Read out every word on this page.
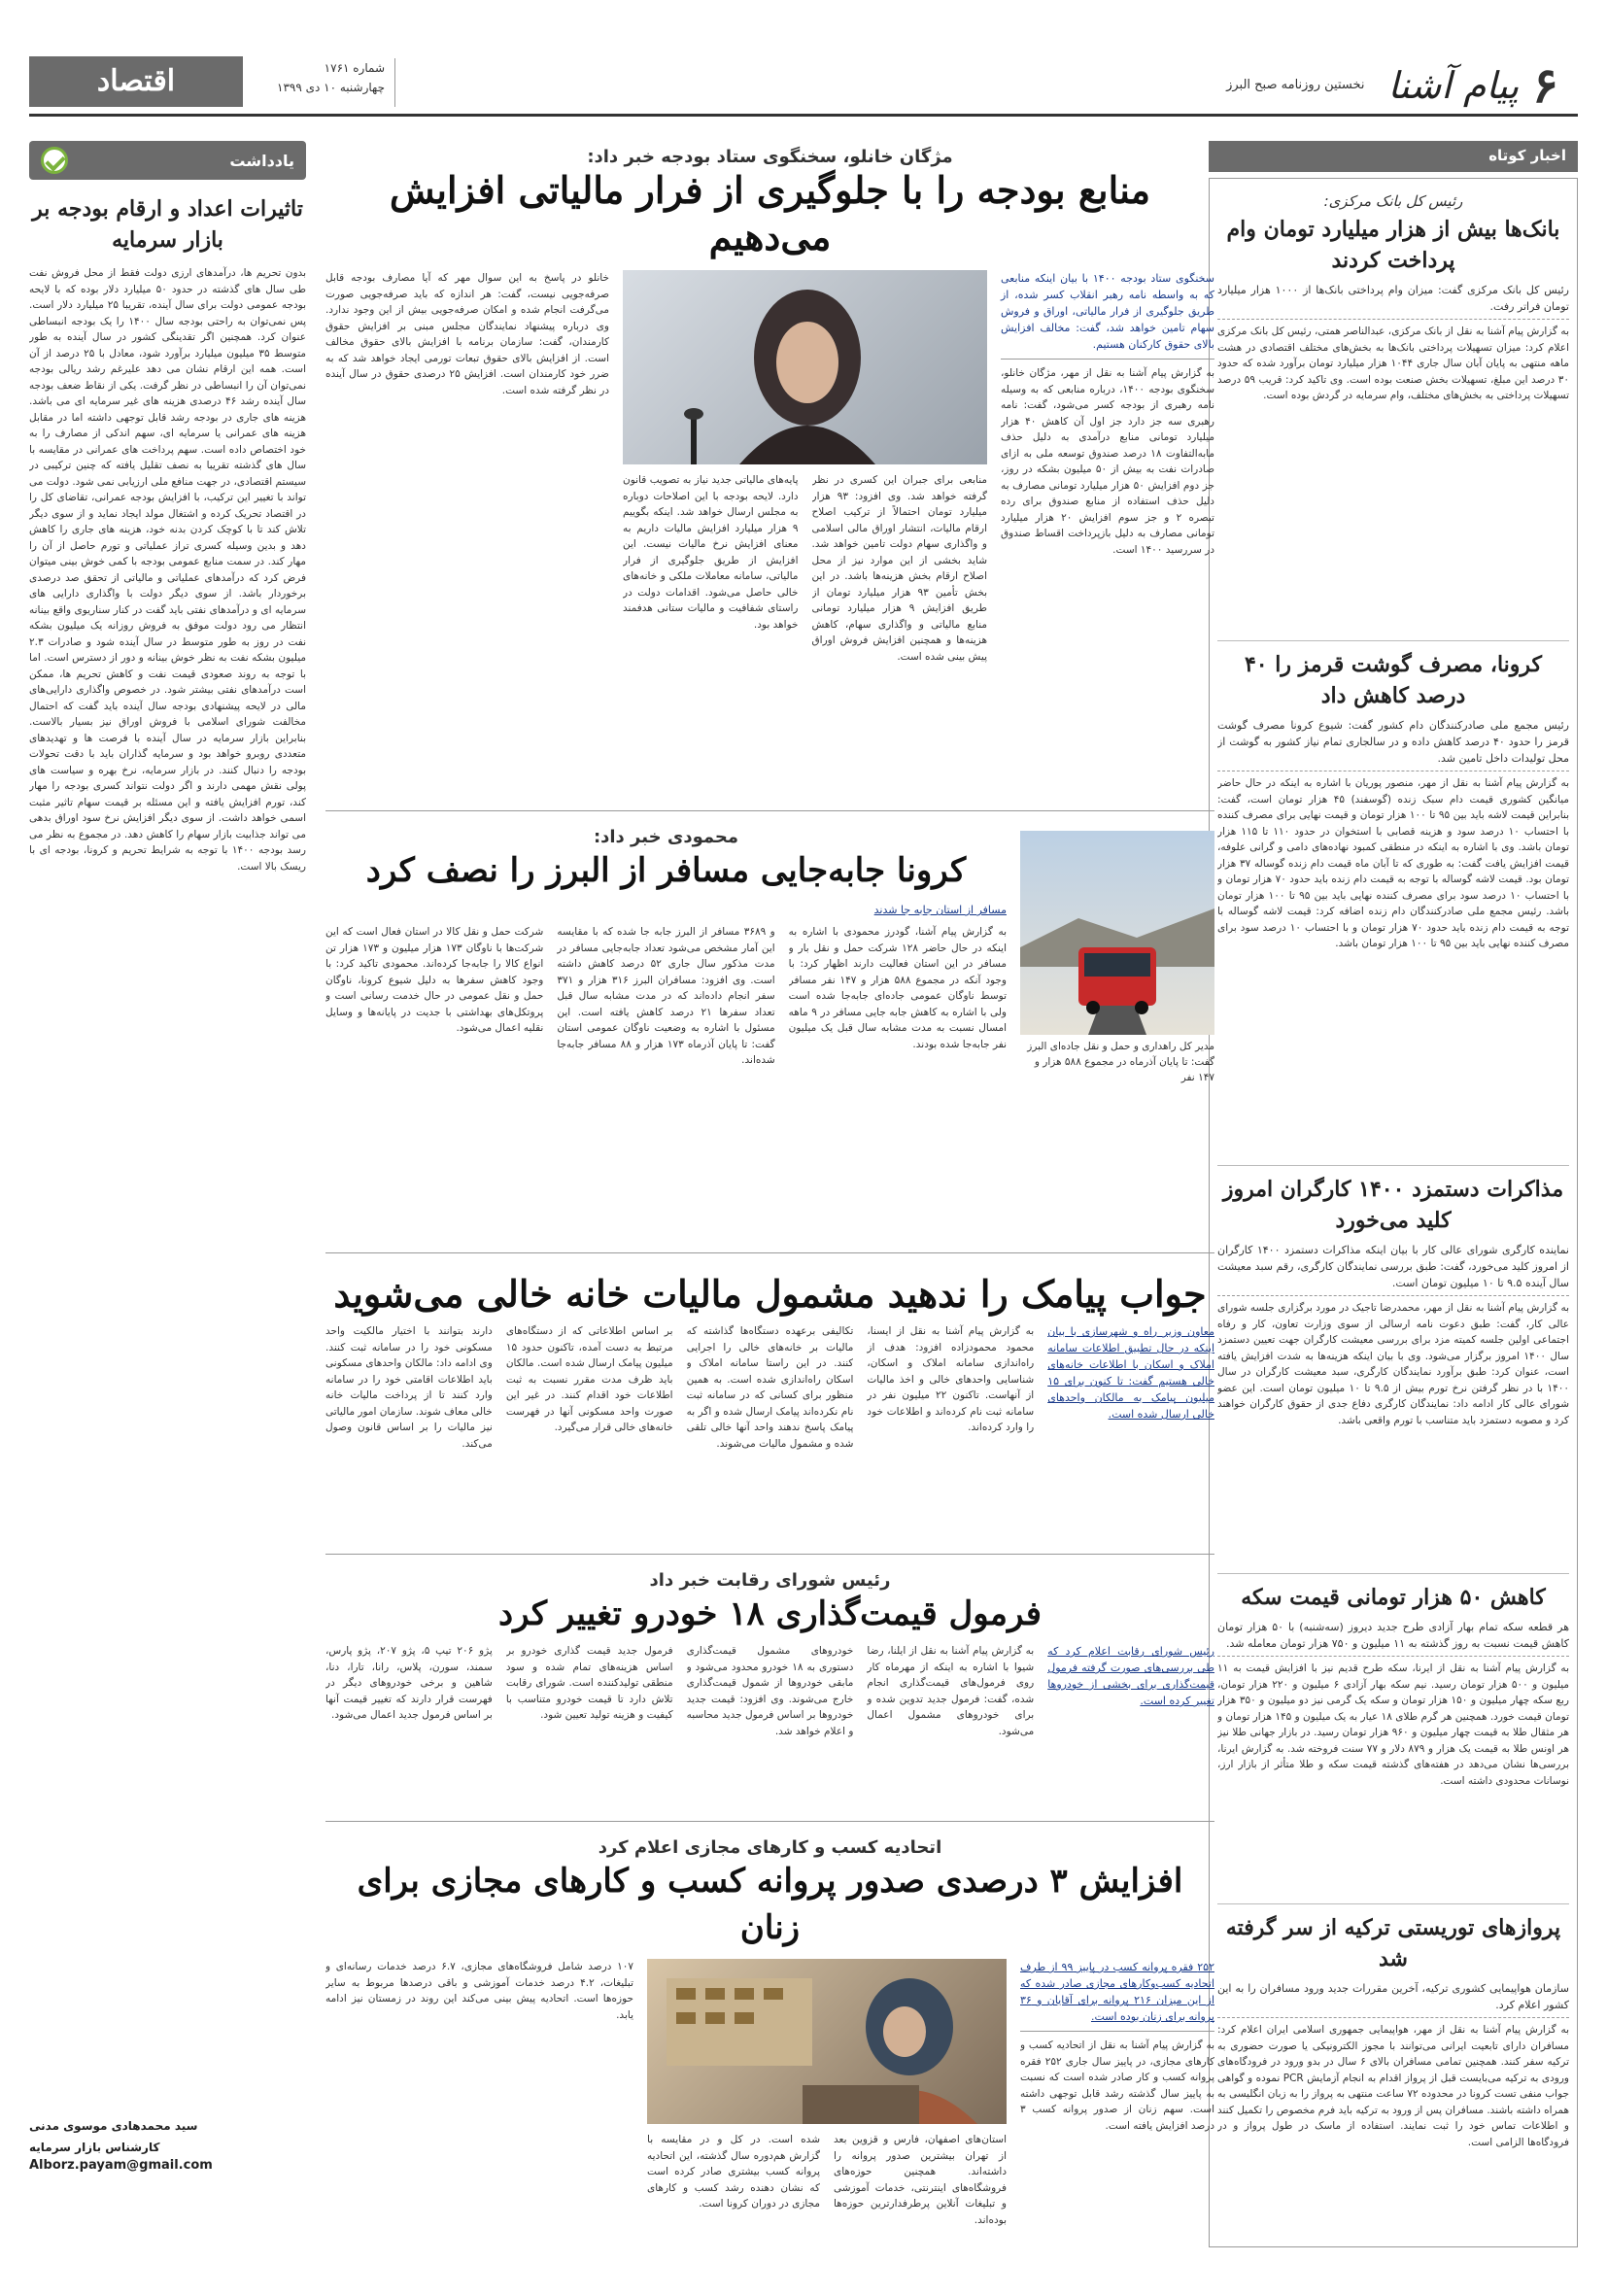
۶
پیام آشنا
نخستین روزنامه صبح البرز
شماره ۱۷۶۱
چهارشنبه ۱۰ دی ۱۳۹۹
اقتصاد
اخبار کوتاه
رئیس کل بانک مرکزی:
بانک‌ها بیش از هزار میلیارد تومان وام پرداخت کردند
رئیس کل بانک مرکزی گفت: میزان وام پرداختی بانک‌ها از ۱۰۰۰ هزار میلیارد تومان فراتر رفت.
به گزارش پیام آشنا به نقل از بانک مرکزی، عبدالناصر همتی، رئیس کل بانک مرکزی اعلام کرد: میزان تسهیلات پرداختی بانک‌ها به بخش‌های مختلف اقتصادی در هشت ماهه منتهی به پایان آبان سال جاری ۱۰۴۴ هزار میلیارد تومان برآورد شده که حدود ۳۰ درصد این مبلغ، تسهیلات بخش صنعت بوده است. وی تاکید کرد: قریب ۵۹ درصد تسهیلات پرداختی به بخش‌های مختلف، وام سرمایه در گردش بوده است.
کرونا، مصرف گوشت قرمز را ۴۰ درصد کاهش داد
رئیس مجمع ملی صادرکنندگان دام کشور گفت: شیوع کرونا مصرف گوشت قرمز را حدود ۴۰ درصد کاهش داده و در سالجاری تمام نیاز کشور به گوشت از محل تولیدات داخل تامین شد.
به گزارش پیام آشنا به نقل از مهر، منصور پوریان با اشاره به اینکه در حال حاضر میانگین کشوری قیمت دام سبک زنده (گوسفند) ۴۵ هزار تومان است، گفت: بنابراین قیمت لاشه باید بین ۹۵ تا ۱۰۰ هزار تومان و قیمت نهایی برای مصرف کننده با احتساب ۱۰ درصد سود و هزینه قصابی با استخوان در حدود ۱۱۰ تا ۱۱۵ هزار تومان باشد. وی با اشاره به اینکه در منطقی کمبود نهاده‌های دامی و گرانی علوفه، قیمت افزایش یافت گفت: به طوری که تا آبان ماه قیمت دام زنده گوساله ۳۷ هزار تومان بود. قیمت لاشه گوساله با توجه به قیمت دام زنده باید حدود ۷۰ هزار تومان و با احتساب ۱۰ درصد سود برای مصرف کننده نهایی باید بین ۹۵ تا ۱۰۰ هزار تومان باشد. رئیس مجمع ملی صادرکنندگان دام زنده اضافه کرد: قیمت لاشه گوساله با توجه به قیمت دام زنده باید حدود ۷۰ هزار تومان و با احتساب ۱۰ درصد سود برای مصرف کننده نهایی باید بین ۹۵ تا ۱۰۰ هزار تومان باشد.
مذاکرات دستمزد ۱۴۰۰ کارگران امروز کلید می‌خورد
نماینده کارگری شورای عالی کار با بیان اینکه مذاکرات دستمزد ۱۴۰۰ کارگران از امروز کلید می‌خورد، گفت: طبق بررسی نمایندگان کارگری، رقم سبد معیشت سال آینده ۹.۵ تا ۱۰ میلیون تومان است.
به گزارش پیام آشنا به نقل از مهر، محمدرضا تاجیک در مورد برگزاری جلسه شورای عالی کار، گفت: طبق دعوت نامه ارسالی از سوی وزارت تعاون، کار و رفاه اجتماعی اولین جلسه کمیته مزد برای بررسی معیشت کارگران جهت تعیین دستمزد سال ۱۴۰۰ امروز برگزار می‌شود. وی با بیان اینکه هزینه‌ها به شدت افزایش یافته است، عنوان کرد: طبق برآورد نمایندگان کارگری، سبد معیشت کارگران در سال ۱۴۰۰ با در نظر گرفتن نرخ تورم بیش از ۹.۵ تا ۱۰ میلیون تومان است. این عضو شورای عالی کار ادامه داد: نمایندگان کارگری دفاع جدی از حقوق کارگران خواهند کرد و مصوبه دستمزد باید متناسب با تورم واقعی باشد.
کاهش ۵۰ هزار تومانی قیمت سکه
هر قطعه سکه تمام بهار آزادی طرح جدید دیروز (سه‌شنبه) با ۵۰ هزار تومان کاهش قیمت نسبت به روز گذشته به ۱۱ میلیون و ۷۵۰ هزار تومان معامله شد.
به گزارش پیام آشنا به نقل از ایرنا، سکه طرح قدیم نیز با افزایش قیمت به ۱۱ میلیون و ۵۰۰ هزار تومان رسید. نیم سکه بهار آزادی ۶ میلیون و ۲۲۰ هزار تومان، ربع سکه چهار میلیون و ۱۵۰ هزار تومان و سکه یک گرمی نیز دو میلیون و ۳۵۰ هزار تومان قیمت خورد. همچنین هر گرم طلای ۱۸ عیار به یک میلیون و ۱۴۵ هزار تومان و هر مثقال طلا به قیمت چهار میلیون و ۹۶۰ هزار تومان رسید. در بازار جهانی طلا نیز هر اونس طلا به قیمت یک هزار و ۸۷۹ دلار و ۷۷ سنت فروخته شد. به گزارش ایرنا، بررسی‌ها نشان می‌دهد در هفته‌های گذشته قیمت سکه و طلا متأثر از بازار ارز، نوسانات محدودی داشته است.
پروازهای توریستی ترکیه از سر گرفته شد
سازمان هواپیمایی کشوری ترکیه، آخرین مقررات جدید ورود مسافران را به این کشور اعلام کرد.
به گزارش پیام آشنا به نقل از مهر، هواپیمایی جمهوری اسلامی ایران اعلام کرد: مسافران دارای تابعیت ایرانی می‌توانند با مجوز الکترونیکی یا صورت حضوری به ترکیه سفر کنند. همچنین تمامی مسافران بالای ۶ سال در بدو ورود در فرودگاه‌های ورودی به ترکیه می‌بایست قبل از پرواز اقدام به انجام آزمایش PCR نموده و گواهی جواب منفی تست کرونا در محدوده ۷۲ ساعت منتهی به پرواز را به زبان انگلیسی به همراه داشته باشند. مسافران پس از ورود به ترکیه باید فرم مخصوص را تکمیل کنند و اطلاعات تماس خود را ثبت نمایند. استفاده از ماسک در طول پرواز و در فرودگاه‌ها الزامی است.
یادداشت
تاثیرات اعداد و ارقام بودجه بر بازار سرمایه
بدون تحریم ها، درآمدهای ارزی دولت فقط از محل فروش نفت طی سال های گذشته در حدود ۵۰ میلیارد دلار بوده که با لایحه بودجه عمومی دولت برای سال آینده، تقریبا ۲۵ میلیارد دلار است. پس نمی‌توان به راحتی بودجه سال ۱۴۰۰ را یک بودجه انبساطی عنوان کرد. همچنین اگر تقدینگی کشور در سال آینده به طور متوسط ۳۵ میلیون میلیارد برآورد شود، معادل با ۲۵ درصد از آن است. همه این ارقام نشان می دهد علیرغم رشد ریالی بودجه نمی‌توان آن را انبساطی در نظر گرفت. یکی از نقاط ضعف بودجه سال آینده رشد ۴۶ درصدی هزینه های غیر سرمایه ای می باشد. هزینه های جاری در بودجه رشد قابل توجهی داشته اما در مقابل هزینه های عمرانی یا سرمایه ای، سهم اندکی از مصارف را به خود اختصاص داده است. سهم پرداخت های عمرانی در مقایسه با سال های گذشته تقریبا به نصف تقلیل یافته که چنین ترکیبی در سیستم اقتصادی، در جهت منافع ملی ارزیابی نمی شود. دولت می تواند با تغییر این ترکیب، با افزایش بودجه عمرانی، تقاضای کل را در اقتصاد تحریک کرده و اشتغال مولد ایجاد نماید و از سوی دیگر تلاش کند تا با کوچک کردن بدنه خود، هزینه های جاری را کاهش دهد و بدین وسیله کسری تراز عملیاتی و تورم حاصل از آن را مهار کند. در سمت منابع عمومی بودجه با کمی خوش بینی میتوان فرض کرد که درآمدهای عملیاتی و مالیاتی از تحقق صد درصدی برخوردار باشد. از سوی دیگر دولت با واگذاری دارایی های سرمایه ای و درآمدهای نفتی باید گفت در کنار سناریوی واقع بینانه انتظار می رود دولت موفق به فروش روزانه یک میلیون بشکه نفت در روز به طور متوسط در سال آینده شود و صادرات ۲.۳ میلیون بشکه نفت به نظر خوش بینانه و دور از دسترس است. اما با توجه به روند صعودی قیمت نفت و کاهش تحریم ها، ممکن است درآمدهای نفتی بیشتر شود. در خصوص واگذاری دارایی‌های مالی در لایحه پیشنهادی بودجه سال آینده باید گفت که احتمال مخالفت شورای اسلامی با فروش اوراق نیز بسیار بالاست. بنابراین بازار سرمایه در سال آینده با فرصت ها و تهدیدهای متعددی روبرو خواهد بود و سرمایه گذاران باید با دقت تحولات بودجه را دنبال کنند. در بازار سرمایه، نرخ بهره و سیاست های پولی نقش مهمی دارند و اگر دولت نتواند کسری بودجه را مهار کند، تورم افزایش یافته و این مسئله بر قیمت سهام تاثیر مثبت اسمی خواهد داشت. از سوی دیگر افزایش نرخ سود اوراق بدهی می تواند جذابیت بازار سهام را کاهش دهد. در مجموع به نظر می رسد بودجه ۱۴۰۰ با توجه به شرایط تحریم و کرونا، بودجه ای با ریسک بالا است.
سید محمدهادی موسوی مدنی
کارشناس بازار سرمایه
Alborz.payam@gmail.com
مژگان خانلو، سخنگوی ستاد بودجه خبر داد:
منابع بودجه را با جلوگیری از فرار مالیاتی افزایش می‌دهیم
سخنگوی ستاد بودجه ۱۴۰۰ با بیان اینکه منابعی که به واسطه نامه رهبر انقلاب کسر شده، از طریق جلوگیری از فرار مالیاتی، اوراق و فروش سهام تامین خواهد شد، گفت: مخالف افزایش بالای حقوق کارکنان هستیم.
به گزارش پیام آشنا به نقل از مهر، مژگان خانلو، سخنگوی بودجه ۱۴۰۰، درباره منابعی که به وسیله نامه رهبری از بودجه کسر می‌شود، گفت: نامه رهبری سه جز دارد جز اول آن کاهش ۴۰ هزار میلیارد تومانی منابع درآمدی به دلیل حذف مابه‌التفاوت ۱۸ درصد صندوق توسعه ملی به ازای صادرات نفت به بیش از ۵۰ میلیون بشکه در روز، جز دوم افزایش ۵۰ هزار میلیارد تومانی مصارف به دلیل حذف استفاده از منابع صندوق برای رده تبصره ۲ و جز سوم افزایش ۲۰ هزار میلیارد تومانی مصارف به دلیل بازپرداخت اقساط صندوق در سررسید ۱۴۰۰ است.
منابعی برای جبران این کسری در نظر گرفته خواهد شد. وی افزود: ۹۳ هزار میلیارد تومان احتمالاً از ترکیب اصلاح ارقام مالیات، انتشار اوراق مالی اسلامی و واگذاری سهام دولت تامین خواهد شد. شاید بخشی از این موارد نیز از محل اصلاح ارقام بخش هزینه‌ها باشد. در این بخش تأمین ۹۳ هزار میلیارد تومان از طریق افزایش ۹ هزار میلیارد تومانی منابع مالیاتی و واگذاری سهام، کاهش هزینه‌ها و همچنین افزایش فروش اوراق پیش بینی شده است.
پایه‌های مالیاتی جدید نیاز به تصویب قانون دارد. لایحه بودجه با این اصلاحات دوباره به مجلس ارسال خواهد شد. اینکه بگوییم ۹ هزار میلیارد افزایش مالیات داریم به معنای افزایش نرخ مالیات نیست. این افزایش از طریق جلوگیری از فرار مالیاتی، سامانه معاملات ملکی و خانه‌های خالی حاصل می‌شود. اقدامات دولت در راستای شفافیت و مالیات ستانی هدفمند خواهد بود.
خانلو در پاسخ به این سوال مهر که آیا مصارف بودجه قابل صرفه‌جویی نیست، گفت: هر اندازه که باید صرفه‌جویی صورت می‌گرفت انجام شده و امکان صرفه‌جویی بیش از این وجود ندارد. وی درباره پیشنهاد نمایندگان مجلس مبنی بر افزایش حقوق کارمندان، گفت: سازمان برنامه با افزایش بالای حقوق مخالف است. از افزایش بالای حقوق تبعات تورمی ایجاد خواهد شد که به ضرر خود کارمندان است. افزایش ۲۵ درصدی حقوق در سال آینده در نظر گرفته شده است.
مدیر کل راهداری و حمل و نقل جاده‌ای البرز گفت: تا پایان آذرماه در مجموع ۵۸۸ هزار و ۱۴۷ نفر
محمودی خبر داد:
کرونا جابه‌جایی مسافر از البرز را نصف کرد
مسافر از استان جابه جا شدند
به گزارش پیام آشنا، گودرز محمودی با اشاره به اینکه در حال حاضر ۱۲۸ شرکت حمل و نقل بار و مسافر در این استان فعالیت دارند اظهار کرد: با وجود آنکه در مجموع ۵۸۸ هزار و ۱۴۷ نفر مسافر توسط ناوگان عمومی جاده‌ای جابه‌جا شده است ولی با اشاره به کاهش جابه جایی مسافر در ۹ ماهه امسال نسبت به مدت مشابه سال قبل یک میلیون نفر جابه‌جا شده بودند.
و ۳۶۸۹ مسافر از البرز جابه جا شده که با مقایسه این آمار مشخص می‌شود تعداد جابه‌جایی مسافر در مدت مذکور سال جاری ۵۲ درصد کاهش داشته است. وی افزود: مسافران البرز ۳۱۶ هزار و ۳۷۱ سفر انجام داده‌اند که در مدت مشابه سال قبل تعداد سفرها ۲۱ درصد کاهش یافته است. این مسئول با اشاره به وضعیت ناوگان عمومی استان گفت: تا پایان آذرماه ۱۷۳ هزار و ۸۸ مسافر جابه‌جا شده‌اند.
شرکت حمل و نقل کالا در استان فعال است که این شرکت‌ها با ناوگان ۱۷۳ هزار میلیون و ۱۷۳ هزار تن انواع کالا را جابه‌جا کرده‌اند. محمودی تاکید کرد: با وجود کاهش سفرها به دلیل شیوع کرونا، ناوگان حمل و نقل عمومی در حال خدمت رسانی است و پروتکل‌های بهداشتی با جدیت در پایانه‌ها و وسایل نقلیه اعمال می‌شود.
جواب پیامک را ندهید مشمول مالیات خانه خالی می‌شوید
معاون وزیر راه و شهرسازی با بیان اینکه در حال تطبیق اطلاعات سامانه املاک و اسکان با اطلاعات خانه‌های خالی هستیم گفت: تا کنون برای ۱۵ میلیون پیامک به مالکان واحدهای خالی ارسال شده است.
به گزارش پیام آشنا به نقل از ایسنا، محمود محمودزاده افزود: هدف از راه‌اندازی سامانه املاک و اسکان، شناسایی واحدهای خالی و اخذ مالیات از آنهاست. تاکنون ۲۲ میلیون نفر در سامانه ثبت نام کرده‌اند و اطلاعات خود را وارد کرده‌اند.
تکالیفی برعهده دستگاه‌ها گذاشته که مالیات بر خانه‌های خالی را اجرایی کنند. در این راستا سامانه املاک و اسکان راه‌اندازی شده است. به همین منظور برای کسانی که در سامانه ثبت نام نکرده‌اند پیامک ارسال شده و اگر به پیامک پاسخ ندهند واحد آنها خالی تلقی شده و مشمول مالیات می‌شوند.
بر اساس اطلاعاتی که از دستگاه‌های مرتبط به دست آمده، تاکنون حدود ۱۵ میلیون پیامک ارسال شده است. مالکان باید ظرف مدت مقرر نسبت به ثبت اطلاعات خود اقدام کنند. در غیر این صورت واحد مسکونی آنها در فهرست خانه‌های خالی قرار می‌گیرد.
دارند بتوانند با اختیار مالکیت واحد مسکونی خود را در سامانه ثبت کنند. وی ادامه داد: مالکان واحدهای مسکونی باید اطلاعات اقامتی خود را در سامانه وارد کنند تا از پرداخت مالیات خانه خالی معاف شوند. سازمان امور مالیاتی نیز مالیات را بر اساس قانون وصول می‌کند.
رئیس شورای رقابت خبر داد
فرمول قیمت‌گذاری ۱۸ خودرو تغییر کرد
رئیس شورای رقابت اعلام کرد که طی بررسی‌های صورت گرفته فرمول قیمت‌گذاری برای بخشی از خودروها تغییر کرده است.
به گزارش پیام آشنا به نقل از ایلنا، رضا شیوا با اشاره به اینکه از مهرماه کار روی فرمول‌های قیمت‌گذاری انجام شده، گفت: فرمول جدید تدوین شده و برای خودروهای مشمول اعمال می‌شود.
خودروهای مشمول قیمت‌گذاری دستوری به ۱۸ خودرو محدود می‌شود و مابقی خودروها از شمول قیمت‌گذاری خارج می‌شوند. وی افزود: قیمت جدید خودروها بر اساس فرمول جدید محاسبه و اعلام خواهد شد.
فرمول جدید قیمت گذاری خودرو بر اساس هزینه‌های تمام شده و سود منطقی تولیدکننده است. شورای رقابت تلاش دارد تا قیمت خودرو متناسب با کیفیت و هزینه تولید تعیین شود.
پژو ۲۰۶ تیپ ۵، پژو ۲۰۷، پژو پارس، سمند، سورن، پلاس، رانا، تارا، دنا، شاهین و برخی خودروهای دیگر در فهرست قرار دارند که تغییر قیمت آنها بر اساس فرمول جدید اعمال می‌شود.
اتحادیه کسب و کارهای مجازی اعلام کرد
افزایش ۳ درصدی صدور پروانه کسب و کارهای مجازی برای زنان
۲۵۲ فقره پروانه کسب در پاییز ۹۹ از طرف اتحادیه کسب‌وکارهای مجازی صادر شده که از این میزان ۲۱۶ پروانه برای آقایان و ۳۶ پروانه برای زنان بوده است.
به گزارش پیام آشنا به نقل از اتحادیه کسب و کارهای مجازی، در پاییز سال جاری ۲۵۲ فقره پروانه کسب و کار صادر شده است که نسبت به پاییز سال گذشته رشد قابل توجهی داشته است. سهم زنان از صدور پروانه کسب ۳ درصد افزایش یافته است.
استان‌های اصفهان، فارس و قزوین بعد از تهران بیشترین صدور پروانه را داشته‌اند. همچنین حوزه‌های فروشگاه‌های اینترنتی، خدمات آموزشی و تبلیغات آنلاین پرطرفدارترین حوزه‌ها بوده‌اند.
شده است. در کل و در مقایسه با گزارش هم‌دوره سال گذشته، این اتحادیه پروانه کسب بیشتری صادر کرده است که نشان دهنده رشد کسب و کارهای مجازی در دوران کرونا است.
۱۰۷ درصد شامل فروشگاه‌های مجازی، ۶.۷ درصد خدمات رسانه‌ای و تبلیغات، ۴.۲ درصد خدمات آموزشی و باقی درصدها مربوط به سایر حوزه‌ها است. اتحادیه پیش بینی می‌کند این روند در زمستان نیز ادامه یابد.
